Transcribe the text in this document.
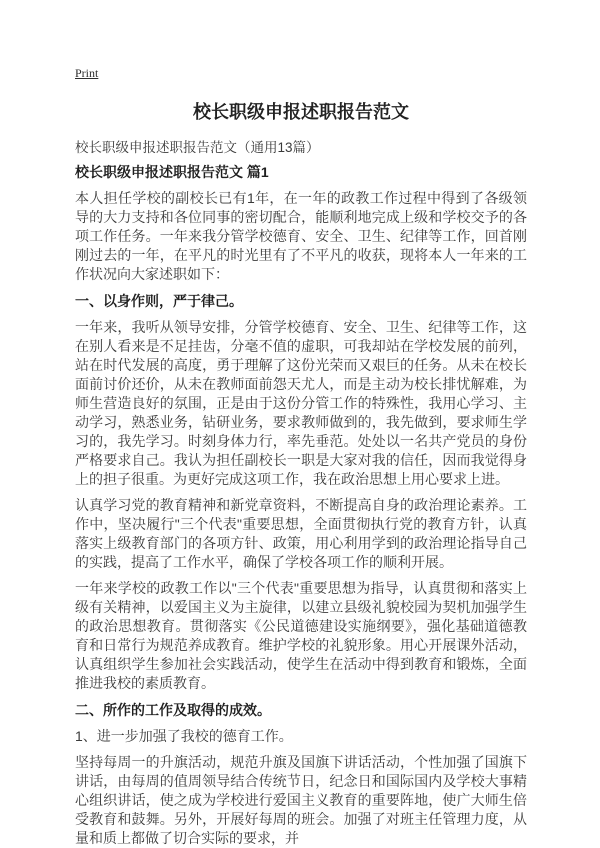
Print
校长职级申报述职报告范文
校长职级申报述职报告范文（通用13篇）
校长职级申报述职报告范文 篇1

本人担任学校的副校长已有1年，在一年的政教工作过程中得到了各级领导的大力支持和各位同事的密切配合，能顺利地完成上级和学校交予的各项工作任务。一年来我分管学校德育、安全、卫生、纪律等工作，回首刚刚过去的一年，在平凡的时光里有了不平凡的收获，现将本人一年来的工作状况向大家述职如下：

一、以身作则，严于律己。

一年来，我听从领导安排，分管学校德育、安全、卫生、纪律等工作，这在别人看来是不足挂齿，分毫不值的虚职，可我却站在学校发展的前列，站在时代发展的高度，勇于理解了这份光荣而又艰巨的任务。从未在校长面前讨价还价，从未在教师面前怨天尤人，而是主动为校长排忧解难，为师生营造良好的氛围，正是由于这份分管工作的特殊性，我用心学习、主动学习，熟悉业务，钻研业务，要求教师做到的，我先做到，要求师生学习的，我先学习。时刻身体力行，率先垂范。处处以一名共产党员的身份严格要求自己。我认为担任副校长一职是大家对我的信任，因而我觉得身上的担子很重。为更好完成这项工作，我在政治思想上用心要求上进。

认真学习党的教育精神和新党章资料，不断提高自身的政治理论素养。工作中，坚决履行"三个代表"重要思想，全面贯彻执行党的教育方针，认真落实上级教育部门的各项方针、政策，用心利用学到的政治理论指导自己的实践，提高了工作水平，确保了学校各项工作的顺利开展。

一年来学校的政教工作以"三个代表"重要思想为指导，认真贯彻和落实上级有关精神，以爱国主义为主旋律，以建立县级礼貌校园为契机加强学生的政治思想教育。贯彻落实《公民道德建设实施纲要》，强化基础道德教育和日常行为规范养成教育。维护学校的礼貌形象。用心开展课外活动，认真组织学生参加社会实践活动，使学生在活动中得到教育和锻炼，全面推进我校的素质教育。

二、所作的工作及取得的成效。

1、进一步加强了我校的德育工作。

坚持每周一的升旗活动，规范升旗及国旗下讲话活动，个性加强了国旗下讲话，由每周的值周领导结合传统节日，纪念日和国际国内及学校大事精心组织讲话，使之成为学校进行爱国主义教育的重要阵地，使广大师生倍受教育和鼓舞。另外，开展好每周的班会。加强了对班主任管理力度，从量和质上都做了切合实际的要求，并
